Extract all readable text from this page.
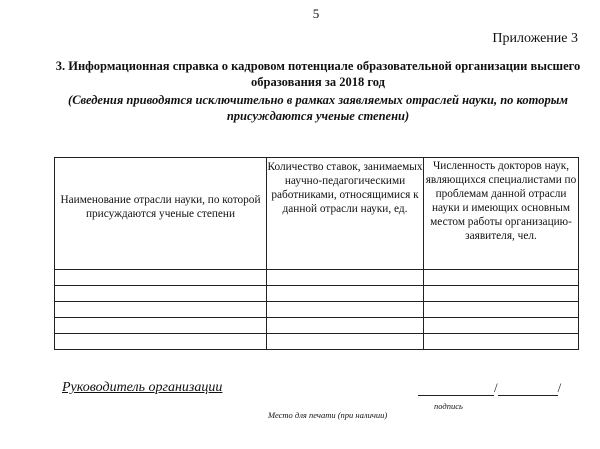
5
Приложение 3
3. Информационная справка о кадровом потенциале образовательной организации высшего образования за 2018 год
(Сведения приводятся исключительно в рамках заявляемых отраслей науки, по которым присуждаются ученые степени)
Наименование отрасли науки, по которой присуждаются ученые степени	Количество ставок, занимаемых научно-педагогическими работниками, относящимися к данной отрасли науки, ед.	Численность докторов наук, являющихся специалистами по проблемам данной отрасли науки и имеющих основным местом работы организацию-заявителя, чел.

Руководитель организации	/	/
подпись
Место для печати (при наличии)
